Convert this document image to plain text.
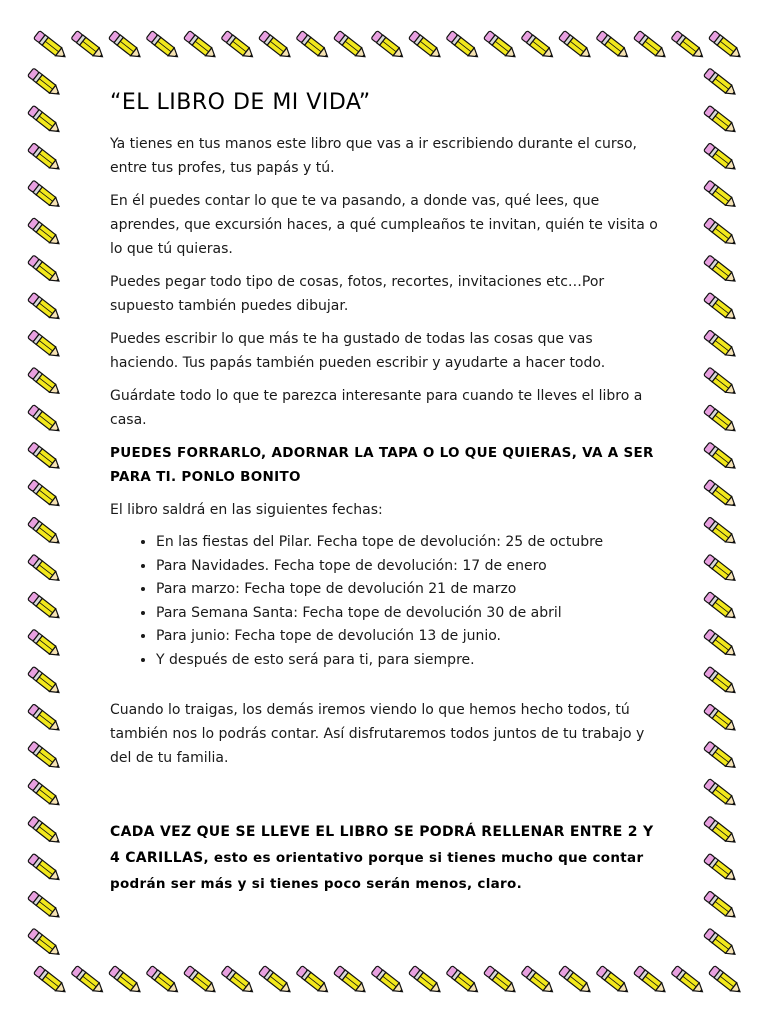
“EL LIBRO DE MI VIDA”

Ya tienes en tus manos este libro que vas a ir escribiendo durante el curso, entre tus profes, tus papás y tú.

En él puedes contar lo que te va pasando, a donde vas, qué lees, que aprendes, que excursión haces, a qué cumpleaños te invitan, quién te visita o lo que tú quieras.

Puedes pegar todo tipo de cosas, fotos, recortes, invitaciones etc…Por supuesto también puedes dibujar.

Puedes escribir lo que más te ha gustado de todas las cosas que vas haciendo. Tus papás también pueden escribir y ayudarte a hacer todo.

Guárdate todo lo que te parezca interesante para cuando te lleves el libro a casa.

PUEDES FORRARLO, ADORNAR LA TAPA O LO QUE QUIERAS, VA A SER PARA TI. PONLO BONITO

El libro saldrá en las siguientes fechas:

• En las fiestas del Pilar. Fecha tope de devolución: 25 de octubre
• Para Navidades. Fecha tope de devolución: 17 de enero
• Para marzo: Fecha tope de devolución 21 de marzo
• Para Semana Santa: Fecha tope de devolución 30 de abril
• Para junio: Fecha tope de devolución 13 de junio.
• Y después de esto será para ti, para siempre.

Cuando lo traigas, los demás iremos viendo lo que hemos hecho todos, tú también nos lo podrás contar. Así disfrutaremos todos juntos de tu trabajo y del de tu familia.

CADA VEZ QUE SE LLEVE EL LIBRO SE PODRÁ RELLENAR ENTRE 2 Y 4 CARILLAS, esto es orientativo porque si tienes mucho que contar podrán ser más y si tienes poco serán menos, claro.
